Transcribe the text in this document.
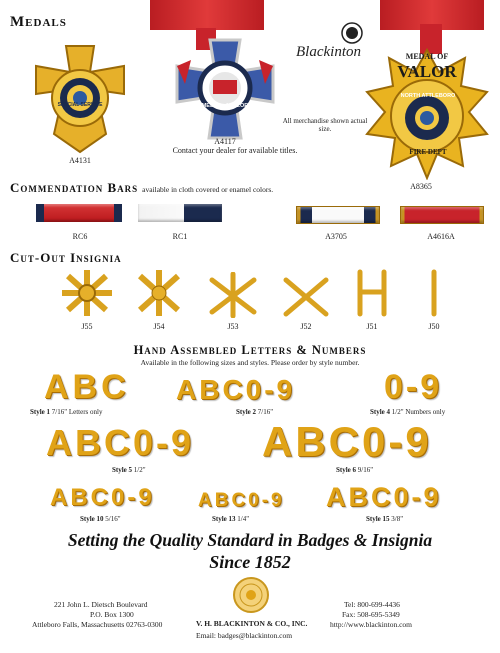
Medals
SPECIAL SERVICE
A4131
MEDAL of VALOR
A4117
Contact your dealer for available titles.
Blackinton
All merchandise shown actual size.
MEDAL OF
VALOR
NORTH ATTLEBORO
FIRE DEPT
A8365
Commendation Bars available in cloth covered or enamel colors.
RC6	RC1	A3705	A4616A
Cut-Out Insignia
J55	J54	J53	J52	J51	J50
Hand Assembled Letters & Numbers
Available in the following sizes and styles. Please order by style number.
ABC
Style 1 7/16" Letters only
ABC0-9
Style 2 7/16"
0-9
Style 4 1/2" Numbers only
ABC0-9
Style 5 1/2"
ABC0-9
Style 6 9/16"
ABC0-9
Style 10 5/16"
ABC0-9
Style 13 1/4"
ABC0-9
Style 15 3/8"
Setting the Quality Standard in Badges & Insignia
Since 1852
221 John L. Dietsch Boulevard
P.O. Box 1300
Attleboro Falls, Massachusetts 02763-0300	V. H. BLACKINTON & CO., INC.
Email: badges@blackinton.com
Tel: 800-699-4436
Fax: 508-695-5349
http://www.blackinton.com
